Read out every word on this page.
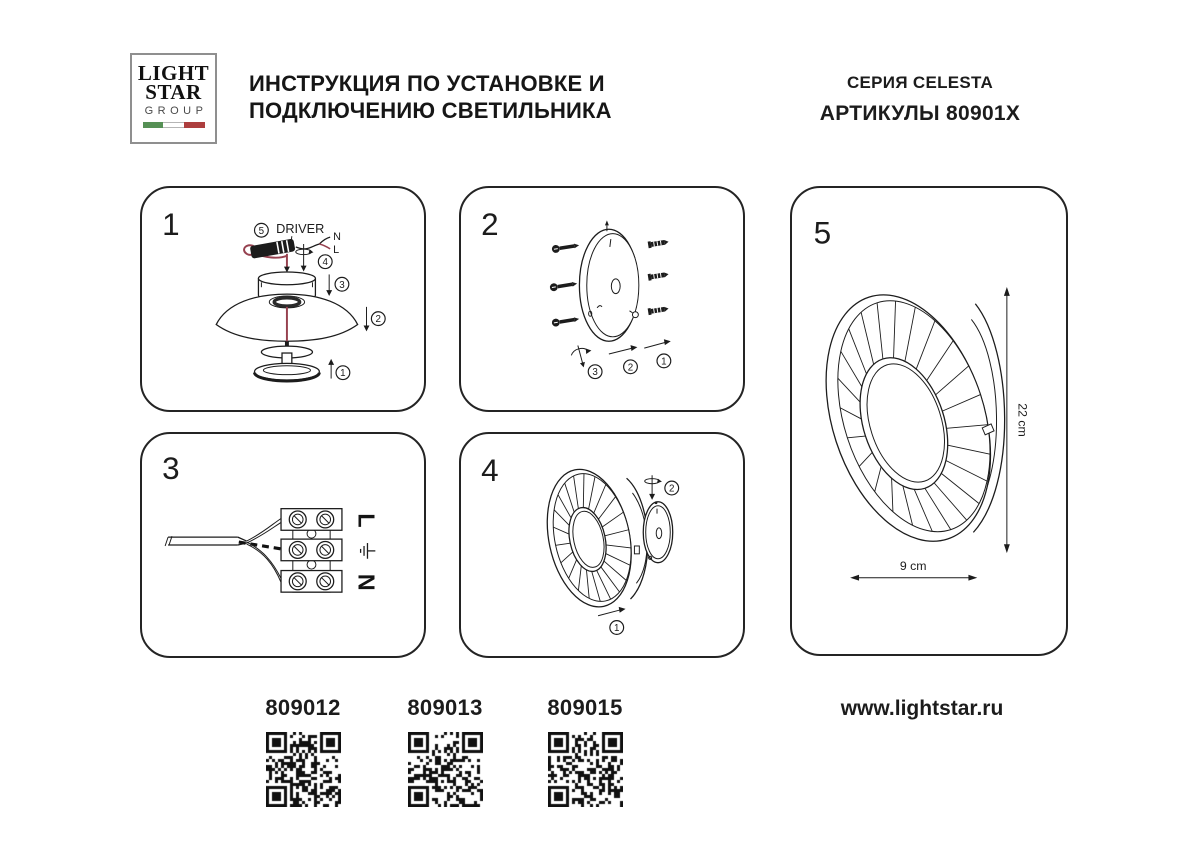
LIGHT
STAR
GROUP
ИНСТРУКЦИЯ ПО УСТАНОВКЕ И
ПОДКЛЮЧЕНИЮ СВЕТИЛЬНИКА
СЕРИЯ CELESTA
АРТИКУЛЫ 80901X
1	DRIVER
5	N
L
4
3
2
1
2
3	2
1
3
L
N
4
2
1
5
22 cm
9 cm
809012	809013	809015	www.lightstar.ru
